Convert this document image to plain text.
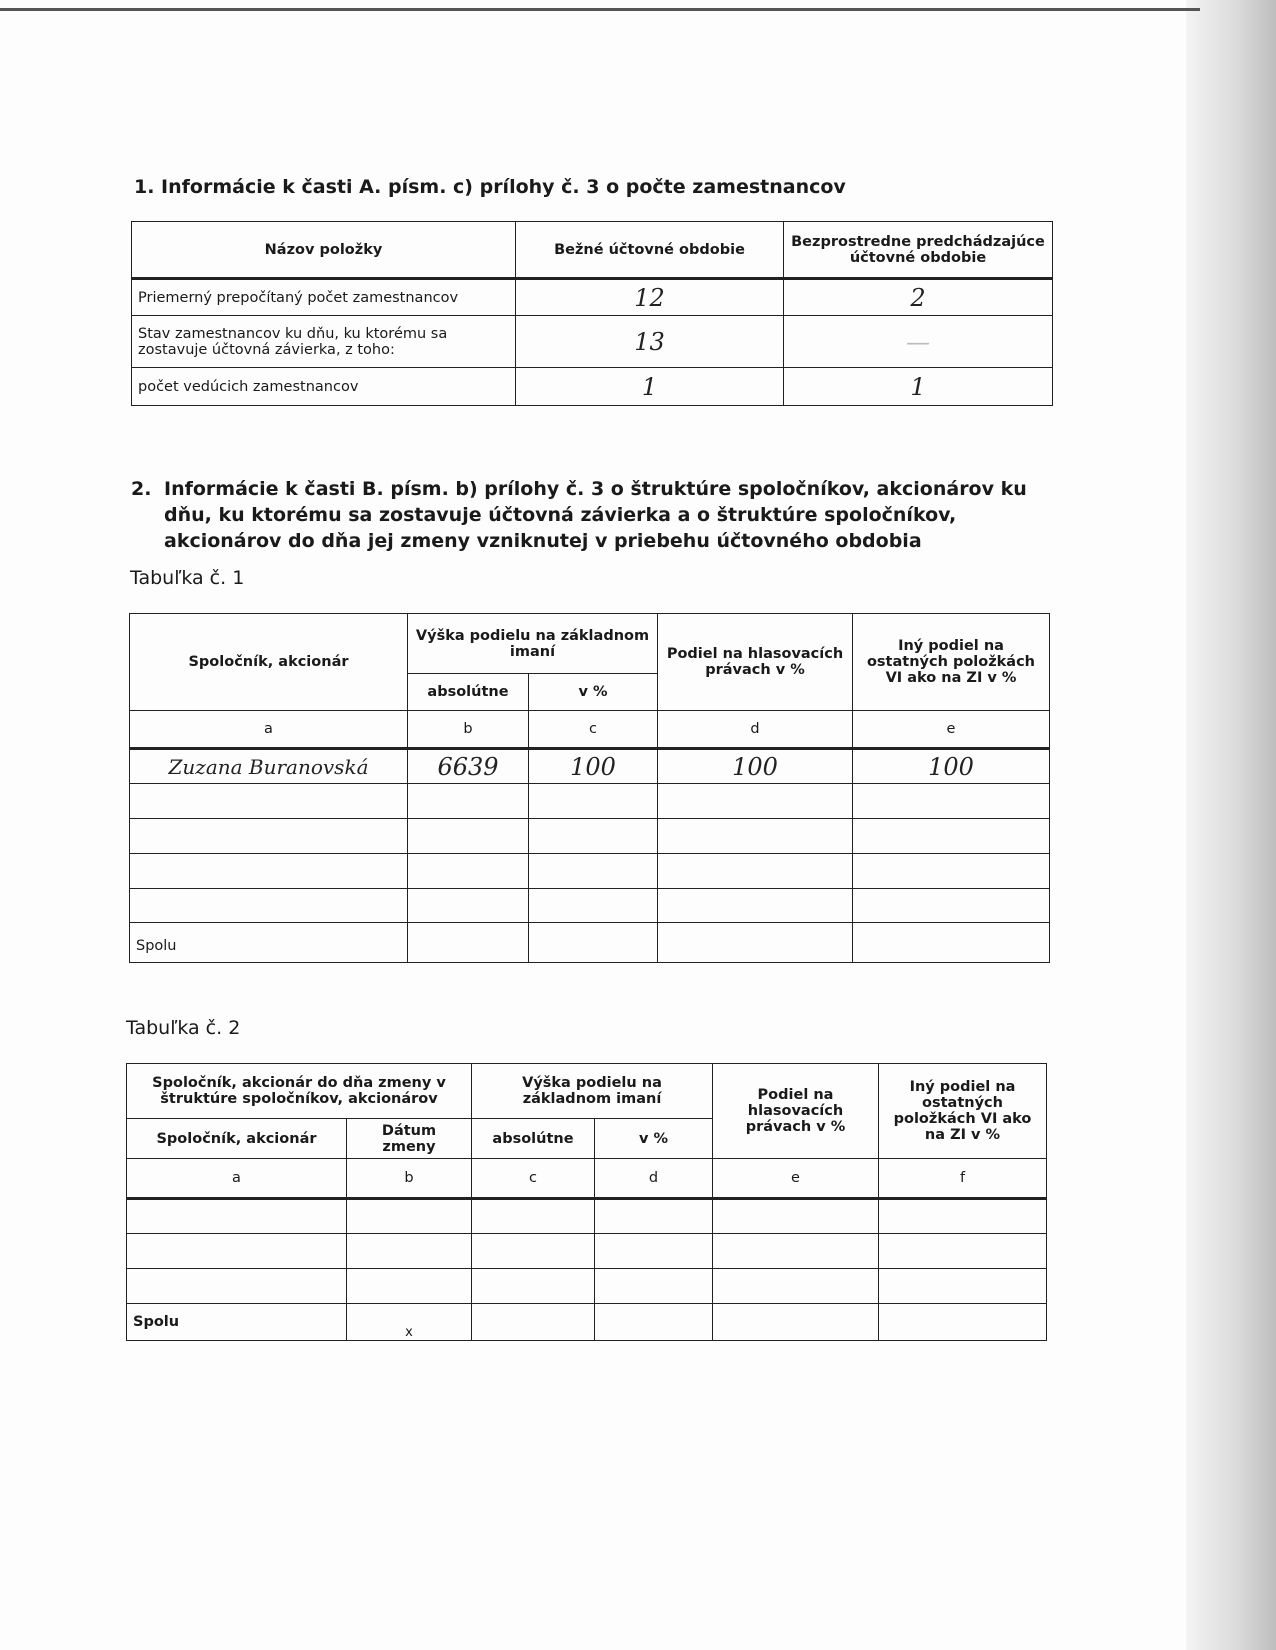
1. Informácie k časti A. písm. c) prílohy č. 3 o počte zamestnancov
Názov položky	Bežné účtovné obdobie	Bezprostredne predchádzajúce účtovné obdobie
Priemerný prepočítaný počet zamestnancov	12	2
Stav zamestnancov ku dňu, ku ktorému sa zostavuje účtovná závierka, z toho:	13	—
počet vedúcich zamestnancov	1	1
2. Informácie k časti B. písm. b) prílohy č. 3 o štruktúre spoločníkov, akcionárov ku dňu, ku ktorému sa zostavuje účtovná závierka a o štruktúre spoločníkov, akcionárov do dňa jej zmeny vzniknutej v priebehu účtovného obdobia
Tabuľka č. 1
Spoločník, akcionár	Výška podielu na základnom imaní		Podiel na hlasovacích právach v %	Iný podiel na ostatných položkách VI ako na ZI v %
	absolútne	v %		
a	b	c	d	e
Zuzana Buranovská	6639	100	100	100

Spolu				
Tabuľka č. 2
Spoločník, akcionár do dňa zmeny v štruktúre spoločníkov, akcionárov		Výška podielu na základnom imaní		Podiel na hlasovacích právach v %	Iný podiel na ostatných položkách VI ako na ZI v %
Spoločník, akcionár	Dátum zmeny	absolútne	v %		
a	b	c	d	e	f

Spolu	x				
